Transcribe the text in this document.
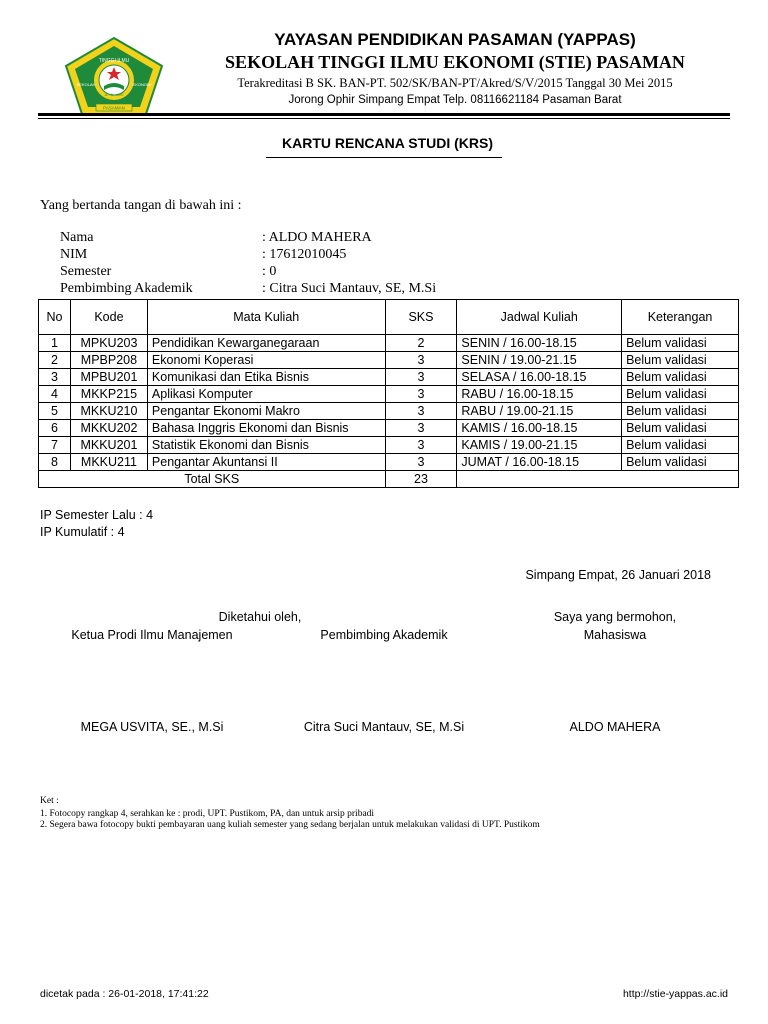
TINGGI ILMU
SEKOLAH	EKONOMI
11 - 6 - 1997
PASAMAN
YAYASAN PENDIDIKAN PASAMAN (YAPPAS)
SEKOLAH TINGGI ILMU EKONOMI (STIE) PASAMAN
Terakreditasi B SK. BAN-PT. 502/SK/BAN-PT/Akred/S/V/2015 Tanggal 30 Mei 2015
Jorong Ophir Simpang Empat Telp. 08116621184 Pasaman Barat
KARTU RENCANA STUDI (KRS)
Yang bertanda tangan di bawah ini :
Nama	: ALDO MAHERA
NIM	: 17612010045
Semester	: 0
Pembimbing Akademik	: Citra Suci Mantauv, SE, M.Si
No	Kode	Mata Kuliah	SKS	Jadwal Kuliah	Keterangan
1	MPKU203	Pendidikan Kewarganegaraan	2	SENIN / 16.00-18.15	Belum validasi
2	MPBP208	Ekonomi Koperasi	3	SENIN / 19.00-21.15	Belum validasi
3	MPBU201	Komunikasi dan Etika Bisnis	3	SELASA / 16.00-18.15	Belum validasi
4	MKKP215	Aplikasi Komputer	3	RABU / 16.00-18.15	Belum validasi
5	MKKU210	Pengantar Ekonomi Makro	3	RABU / 19.00-21.15	Belum validasi
6	MKKU202	Bahasa Inggris Ekonomi dan Bisnis	3	KAMIS / 16.00-18.15	Belum validasi
7	MKKU201	Statistik Ekonomi dan Bisnis	3	KAMIS / 19.00-21.15	Belum validasi
8	MKKU211	Pengantar Akuntansi II	3	JUMAT / 16.00-18.15	Belum validasi
Total SKS			23		
IP Semester Lalu : 4
IP Kumulatif : 4
Simpang Empat, 26 Januari 2018
Diketahui oleh,	Saya yang bermohon,
Ketua Prodi Ilmu Manajemen	Pembimbing Akademik	Mahasiswa
MEGA USVITA, SE., M.Si	Citra Suci Mantauv, SE, M.Si	ALDO MAHERA
Ket :
1. Fotocopy rangkap 4, serahkan ke : prodi, UPT. Pustikom, PA, dan untuk arsip pribadi
2. Segera bawa fotocopy bukti pembayaran uang kuliah semester yang sedang berjalan untuk melakukan validasi di UPT. Pustikom
dicetak pada : 26-01-2018, 17:41:22	http://stie-yappas.ac.id
